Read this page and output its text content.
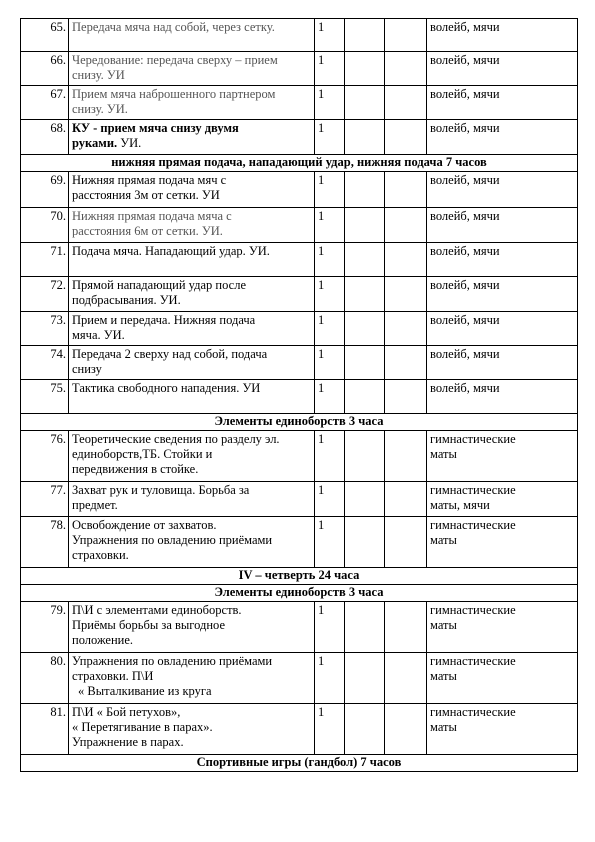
65.	Передача мяча над собой, через сетку.	1			волейб, мячи
66.	Чередование: передача сверху – прием
снизу. УИ	1			волейб, мячи
67.	Прием мяча наброшенного партнером
снизу. УИ.	1			волейб, мячи
68.	КУ - прием мяча снизу двумя
руками. УИ.	1			волейб, мячи
нижняя прямая подача, нападающий удар, нижняя подача 7 часов					
69.	Нижняя прямая подача мяч с
расстояния 3м от сетки. УИ	1			волейб, мячи
70.	Нижняя прямая подача мяча с
расстояния 6м от сетки. УИ.	1			волейб, мячи
71.	Подача мяча. Нападающий удар. УИ.	1			волейб, мячи
72.	Прямой нападающий удар после
подбрасывания. УИ.	1			волейб, мячи
73.	Прием и передача. Нижняя подача
мяча. УИ.	1			волейб, мячи
74.	Передача 2 сверху над собой, подача
снизу	1			волейб, мячи
75.	Тактика свободного нападения. УИ	1			волейб, мячи
Элементы единоборств 3 часа					
76.	Теоретические сведения по разделу эл.
единоборств,ТБ. Стойки и
передвижения в стойке.	1			гимнастические
маты
77.	Захват рук и туловища. Борьба за
предмет.	1			гимнастические
маты, мячи
78.	Освобождение от захватов.
Упражнения по овладению приёмами
страховки.	1			гимнастические
маты
IV – четверть 24 часа					
Элементы единоборств 3 часа					
79.	П\И с элементами единоборств.
Приёмы борьбы за выгодное
положение.	1			гимнастические
маты
80.	Упражнения по овладению приёмами
страховки. П\И
« Выталкивание из круга	1			гимнастические
маты
81.	П\И « Бой петухов»,
« Перетягивание в парах».
Упражнение в парах.	1			гимнастические
маты
Спортивные игры (гандбол) 7 часов					
